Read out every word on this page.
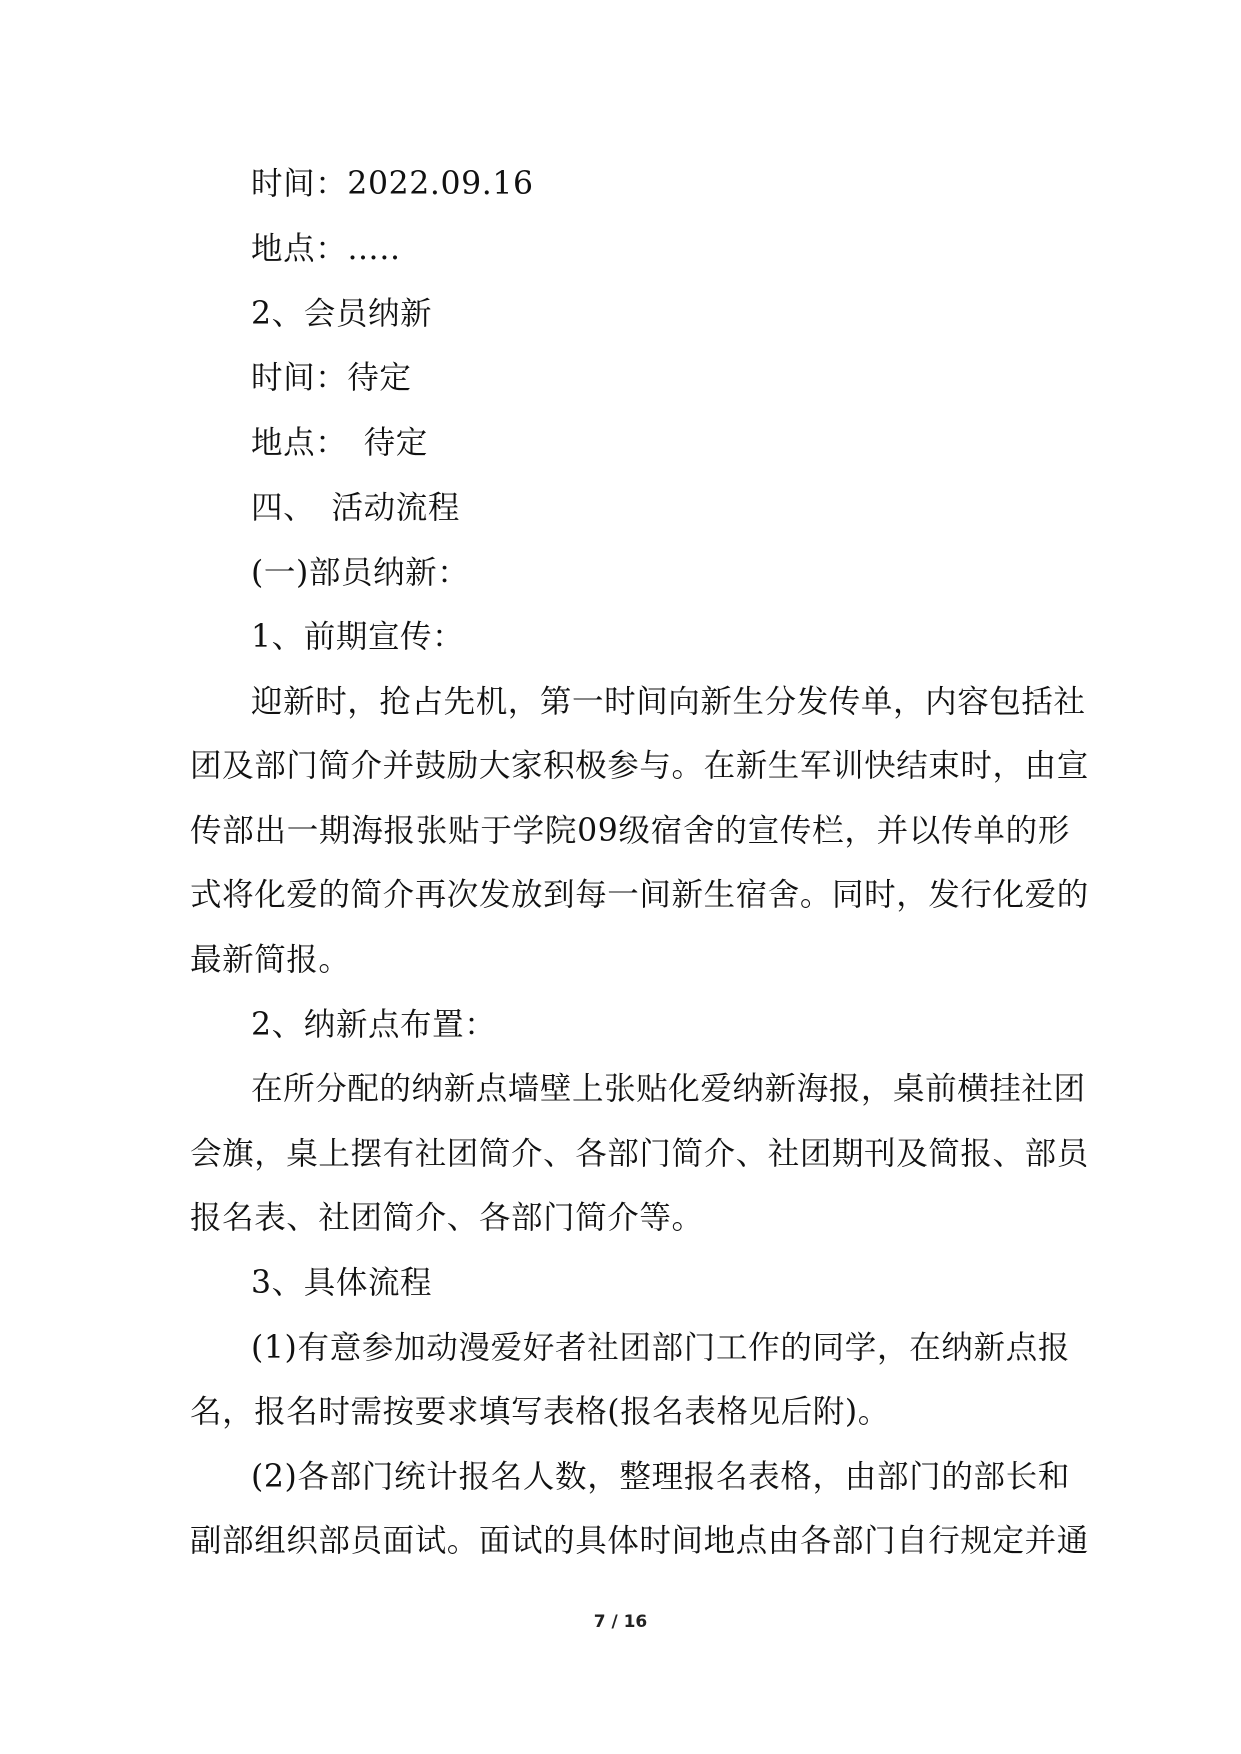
时间：2022.09.16
地点：…..
2、会员纳新
时间：待定
地点：　待定
四、　活动流程
(一)部员纳新：
1、前期宣传：
迎新时，抢占先机，第一时间向新生分发传单，内容包括社
团及部门简介并鼓励大家积极参与。在新生军训快结束时，由宣
传部出一期海报张贴于学院09级宿舍的宣传栏，并以传单的形
式将化爱的简介再次发放到每一间新生宿舍。同时，发行化爱的
最新简报。
2、纳新点布置：
在所分配的纳新点墙壁上张贴化爱纳新海报，桌前横挂社团
会旗，桌上摆有社团简介、各部门简介、社团期刊及简报、部员
报名表、社团简介、各部门简介等。
3、具体流程
(1)有意参加动漫爱好者社团部门工作的同学，在纳新点报
名，报名时需按要求填写表格(报名表格见后附)。
(2)各部门统计报名人数，整理报名表格，由部门的部长和
副部组织部员面试。面试的具体时间地点由各部门自行规定并通
7 / 16
